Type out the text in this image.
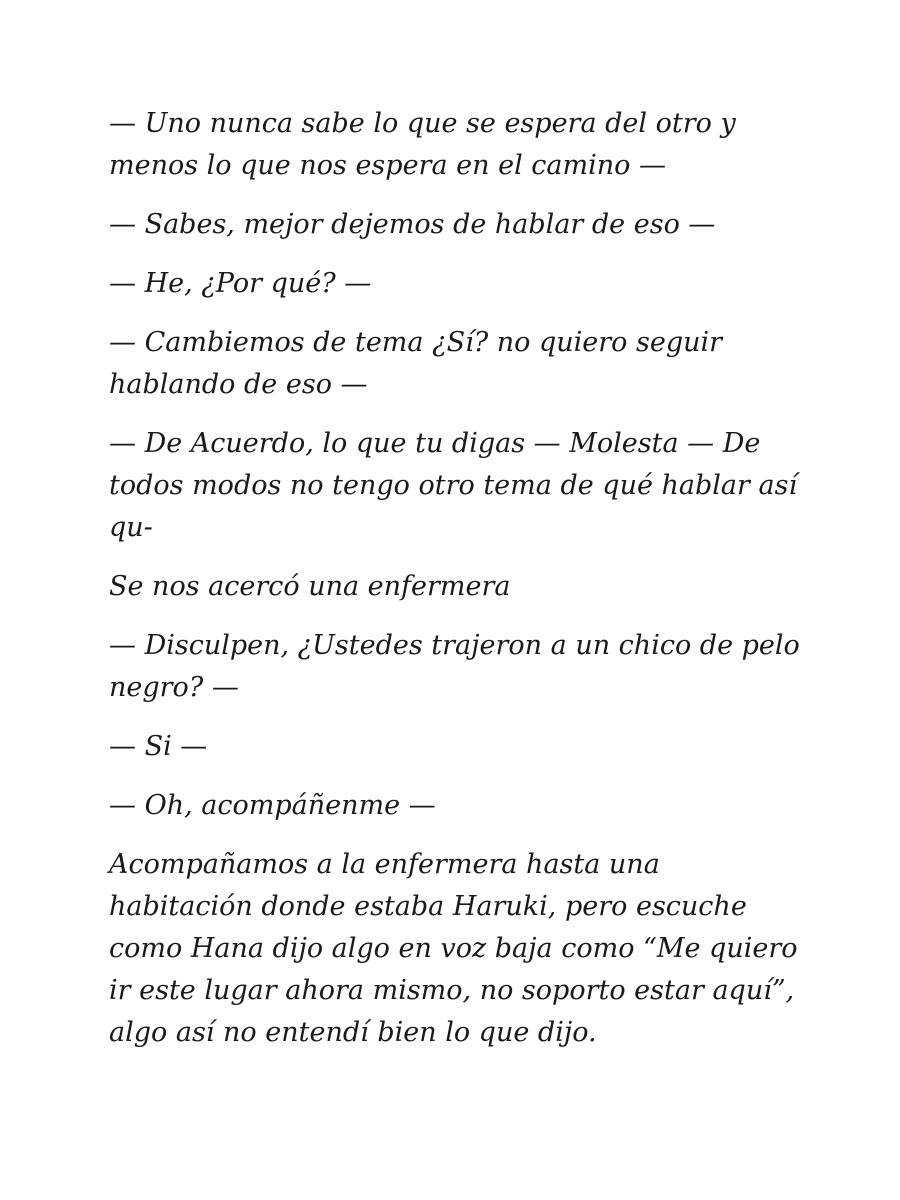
— Uno nunca sabe lo que se espera del otro y menos lo que nos espera en el camino —

— Sabes, mejor dejemos de hablar de eso —

— He, ¿Por qué? —

— Cambiemos de tema ¿Sí? no quiero seguir hablando de eso —

— De Acuerdo, lo que tu digas — Molesta — De todos modos no tengo otro tema de qué hablar así qu-

Se nos acercó una enfermera

— Disculpen, ¿Ustedes trajeron a un chico de pelo negro? —

— Si —

— Oh, acompáñenme —

Acompañamos a la enfermera hasta una habitación donde estaba Haruki, pero escuche como Hana dijo algo en voz baja como “Me quiero ir este lugar ahora mismo, no soporto estar aquí”, algo así no entendí bien lo que dijo.
